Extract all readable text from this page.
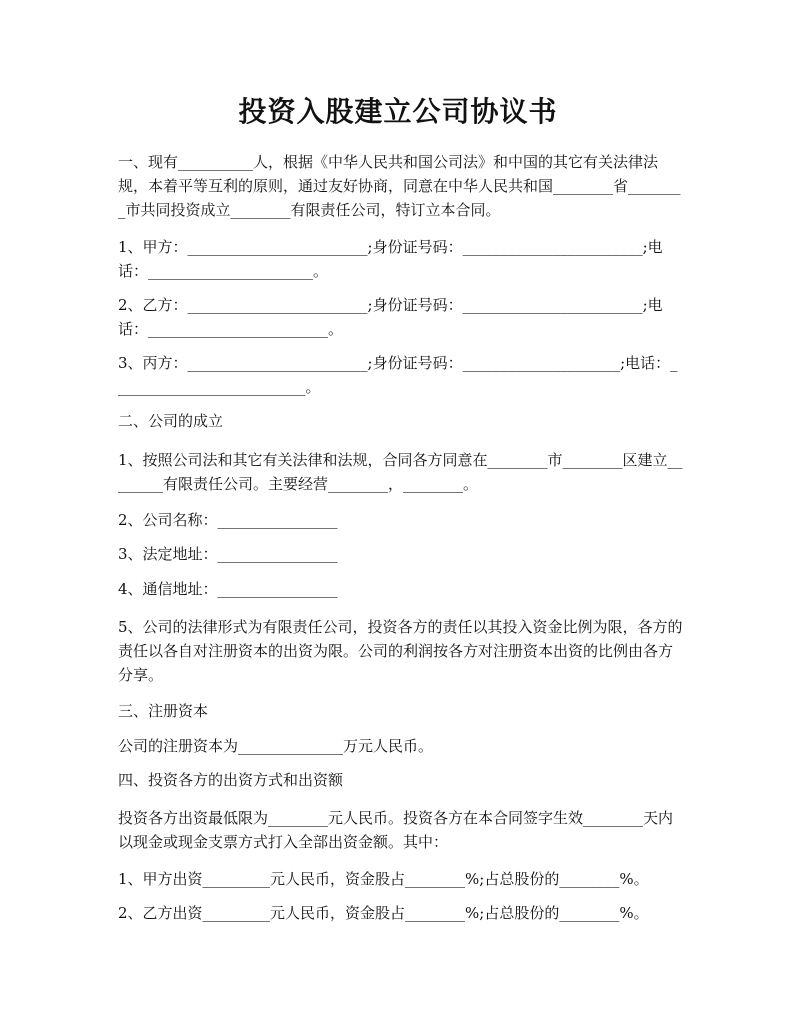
投资入股建立公司协议书
一、现有__________人，根据《中华人民共和国公司法》和中国的其它有关法律法规，本着平等互利的原则，通过友好协商，同意在中华人民共和国________省________市共同投资成立________有限责任公司，特订立本合同。
1、甲方：________________________;身份证号码：________________________;电话：______________________。
2、乙方：________________________;身份证号码：________________________;电话：________________________。
3、丙方：________________________;身份证号码：_____________________;电话：__________________________。
二、公司的成立
1、按照公司法和其它有关法律和法规，合同各方同意在________市________区建立________有限责任公司。主要经营________，________。
2、公司名称：________________
3、法定地址：________________
4、通信地址：________________
5、公司的法律形式为有限责任公司，投资各方的责任以其投入资金比例为限，各方的责任以各自对注册资本的出资为限。公司的利润按各方对注册资本出资的比例由各方分享。
三、注册资本
公司的注册资本为______________万元人民币。
四、投资各方的出资方式和出资额
投资各方出资最低限为________元人民币。投资各方在本合同签字生效________天内以现金或现金支票方式打入全部出资金额。其中：
1、甲方出资_________元人民币，资金股占________%;占总股份的________%。
2、乙方出资_________元人民币，资金股占________%;占总股份的________%。
